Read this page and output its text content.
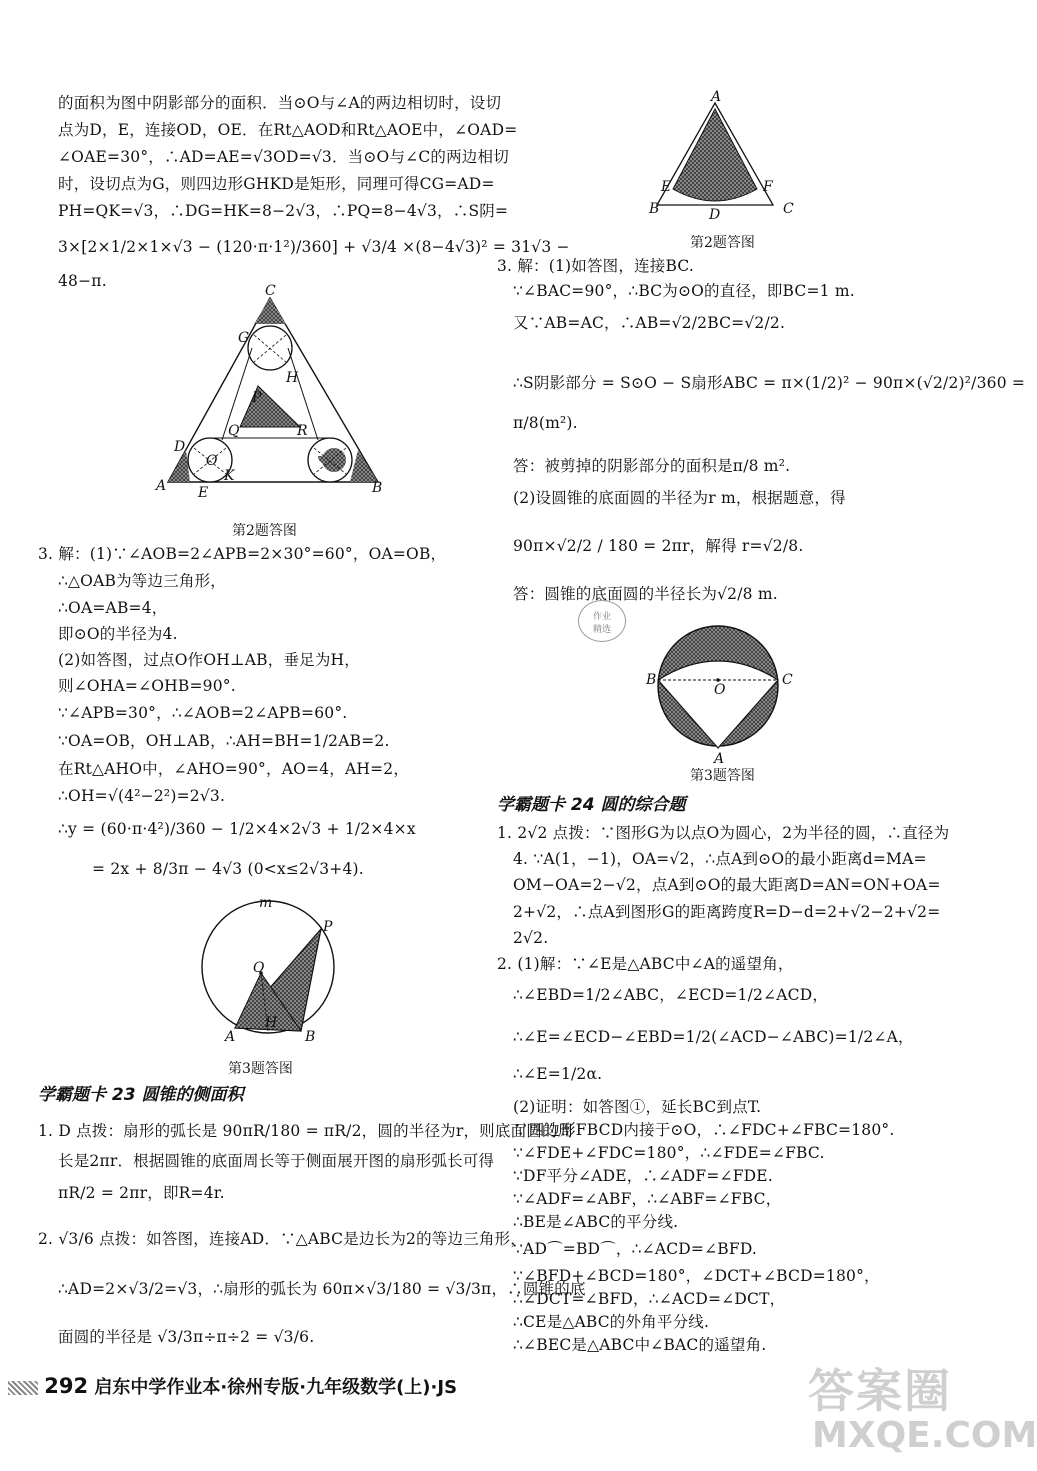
的面积为图中阴影部分的面积．当⊙O与∠A的两边相切时，设切
点为D，E，连接OD，OE．在Rt△AOD和Rt△AOE中，∠OAD=
∠OAE=30°，∴AD=AE=√3OD=√3．当⊙O与∠C的两边相切
时，设切点为G，则四边形GHKD是矩形，同理可得CG=AD=
PH=QK=√3，∴DG=HK=8−2√3，∴PQ=8−4√3，∴S阴=
3×[2×1/2×1×√3 − (120·π·1²)/360] + √3/4 ×(8−4√3)² = 31√3 −
48−π.
C
G
H
P
Q	R
D
O
K
A E	B
第2题答图
3. 解：(1)∵∠AOB=2∠APB=2×30°=60°，OA=OB，
∴△OAB为等边三角形，
∴OA=AB=4，
即⊙O的半径为4.
(2)如答图，过点O作OH⊥AB，垂足为H，
则∠OHA=∠OHB=90°.
∵∠APB=30°，∴∠AOB=2∠APB=60°.
∵OA=OB，OH⊥AB，∴AH=BH=1/2AB=2.
在Rt△AHO中，∠AHO=90°，AO=4，AH=2，
∴OH=√(4²−2²)=2√3.
∴y = (60·π·4²)/360 − 1/2×4×2√3 + 1/2×4×x
= 2x + 8/3π − 4√3 (0<x≤2√3+4).
m
P
O
A
H
B
第3题答图
学霸题卡 23 圆锥的侧面积
1. D 点拨：扇形的弧长是 90πR/180 = πR/2，圆的半径为r，则底面圆的周
长是2πr．根据圆锥的底面周长等于侧面展开图的扇形弧长可得
πR/2 = 2πr，即R=4r.
2. √3/6 点拨：如答图，连接AD．∵△ABC是边长为2的等边三角形，
∴AD=2×√3/2=√3，∴扇形的弧长为 60π×√3/180 = √3/3π，∴圆锥的底
面圆的半径是 √3/3π÷π÷2 = √3/6.
A
E	F
B	D	C
第2题答图
3. 解：(1)如答图，连接BC.
∵∠BAC=90°，∴BC为⊙O的直径，即BC=1 m.
又∵AB=AC，∴AB=√2/2BC=√2/2.
∴S阴影部分 = S⊙O − S扇形ABC = π×(1/2)² − 90π×(√2/2)²/360 =
π/8(m²).
答：被剪掉的阴影部分的面积是π/8 m².
(2)设圆锥的底面圆的半径为r m，根据题意，得
90π×√2/2 / 180 = 2πr，解得 r=√2/8.
答：圆锥的底面圆的半径长为√2/8 m.
B
O
C
A
第3题答图
学霸题卡 24 圆的综合题
1. 2√2 点拨：∵图形G为以点O为圆心，2为半径的圆，∴直径为
4. ∵A(1，−1)，OA=√2，∴点A到⊙O的最小距离d=MA=
OM−OA=2−√2，点A到⊙O的最大距离D=AN=ON+OA=
2+√2，∴点A到图形G的距离跨度R=D−d=2+√2−2+√2=
2√2.
2. (1)解：∵∠E是△ABC中∠A的遥望角，
∴∠EBD=1/2∠ABC，∠ECD=1/2∠ACD，
∴∠E=∠ECD−∠EBD=1/2(∠ACD−∠ABC)=1/2∠A，
∴∠E=1/2α.
(2)证明：如答图①，延长BC到点T.
∵四边形FBCD内接于⊙O，∴∠FDC+∠FBC=180°.
∵∠FDE+∠FDC=180°，∴∠FDE=∠FBC.
∵DF平分∠ADE，∴∠ADF=∠FDE.
∵∠ADF=∠ABF，∴∠ABF=∠FBC，
∴BE是∠ABC的平分线.
∵AD⌒=BD⌒，∴∠ACD=∠BFD.
∵∠BFD+∠BCD=180°，∠DCT+∠BCD=180°，
∴∠DCT=∠BFD，∴∠ACD=∠DCT，
∴CE是△ABC的外角平分线.
∴∠BEC是△ABC中∠BAC的遥望角.
作业
精选
292 启东中学作业本·徐州专版·九年级数学(上)·JS	答案圈
MXQE.COM
